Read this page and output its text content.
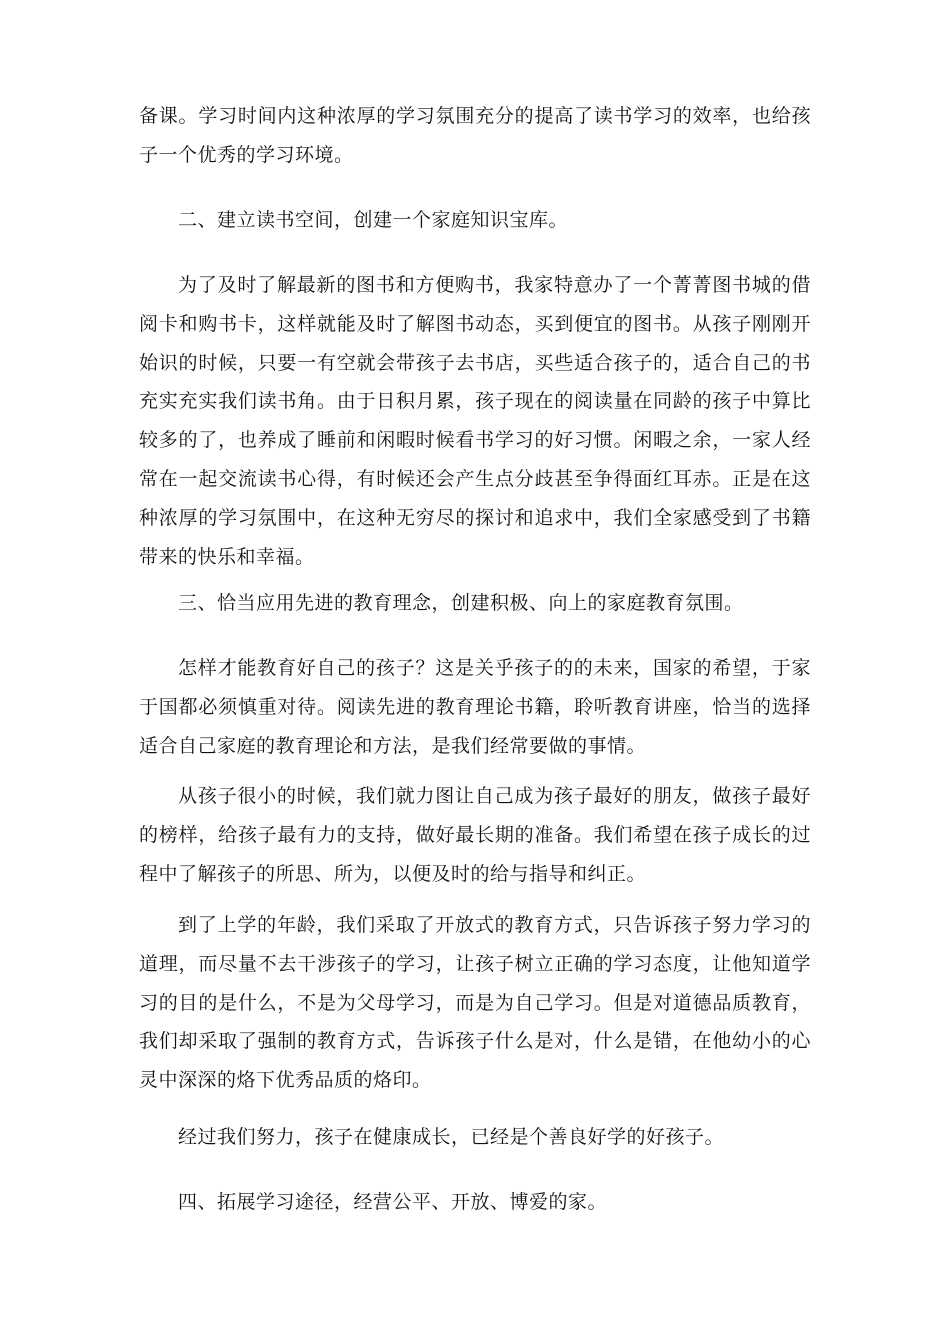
备课。学习时间内这种浓厚的学习氛围充分的提高了读书学习的效率，也给孩子一个优秀的学习环境。

二、建立读书空间，创建一个家庭知识宝库。

为了及时了解最新的图书和方便购书，我家特意办了一个菁菁图书城的借阅卡和购书卡，这样就能及时了解图书动态，买到便宜的图书。从孩子刚刚开始识的时候，只要一有空就会带孩子去书店，买些适合孩子的，适合自己的书充实充实我们读书角。由于日积月累，孩子现在的阅读量在同龄的孩子中算比较多的了，也养成了睡前和闲暇时候看书学习的好习惯。闲暇之余，一家人经常在一起交流读书心得，有时候还会产生点分歧甚至争得面红耳赤。正是在这种浓厚的学习氛围中，在这种无穷尽的探讨和追求中，我们全家感受到了书籍带来的快乐和幸福。

三、恰当应用先进的教育理念，创建积极、向上的家庭教育氛围。

怎样才能教育好自己的孩子？这是关乎孩子的的未来，国家的希望，于家于国都必须慎重对待。阅读先进的教育理论书籍，聆听教育讲座，恰当的选择适合自己家庭的教育理论和方法，是我们经常要做的事情。

从孩子很小的时候，我们就力图让自己成为孩子最好的朋友，做孩子最好的榜样，给孩子最有力的支持，做好最长期的准备。我们希望在孩子成长的过程中了解孩子的所思、所为，以便及时的给与指导和纠正。

到了上学的年龄，我们采取了开放式的教育方式，只告诉孩子努力学习的道理，而尽量不去干涉孩子的学习，让孩子树立正确的学习态度，让他知道学习的目的是什么，不是为父母学习，而是为自己学习。但是对道德品质教育，我们却采取了强制的教育方式，告诉孩子什么是对，什么是错，在他幼小的心灵中深深的烙下优秀品质的烙印。

经过我们努力，孩子在健康成长，已经是个善良好学的好孩子。

四、拓展学习途径，经营公平、开放、博爱的家。
